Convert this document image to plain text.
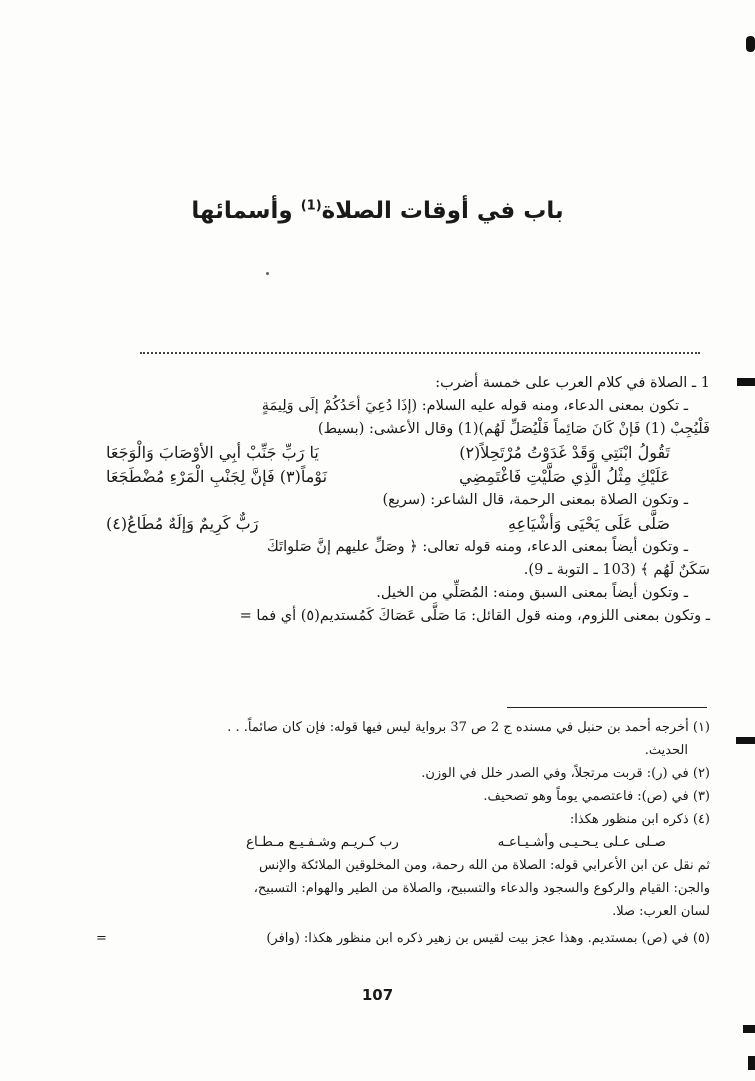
باب في أوقات الصلاة$^{(1)}$ وأسمائها

1 ـ الصلاة في كلام العرب على خمسة أضرب:

ـ تكون بمعنى الدعاء، ومنه قوله عليه السلام: (إذَا دُعِيَ أحَدُكُمْ إلَى وَلِيمَةٍ

فَلْيُجِبْ (1) فَإنْ كَانَ صَائِماً فَلْيُصَلِّ لَهُم)(1) وقال الأعشى: (بسيط)

تَقُولُ ابْنَتِي وَقَدْ غَدَوْتُ مُرْتَحِلاً(٢)
يَا رَبِّ جَنِّبْ أبِي الأوْصَابَ وَالْوَجَعَا
عَلَيْكِ مِثْلُ الَّذِي صَلَّيْتِ فَاغْتَمِضِي
نَوْماً(٣) فَإنَّ لِجَنْبِ الْمَرْءِ مُضْطَجَعَا

ـ وتكون الصلاة بمعنى الرحمة، قال الشاعر: (سريع)

صَلَّى عَلَى يَحْيَى وَأشْيَاعِهِ
رَبٌّ كَرِيمٌ وَإلَهٌ مُطَاعُ(٤)

ـ وتكون أيضاً بمعنى الدعاء، ومنه قوله تعالى: ﴿ وصَلِّ عليهم إنَّ صَلواتَكَ

سَكَنٌ لَهُم ﴾ (103 ـ التوبة ـ 9).

ـ وتكون أيضاً بمعنى السبق ومنه: المُصَلِّي من الخيل.

ـ وتكون بمعنى اللزوم، ومنه قول القائل: مَا صَلَّى عَصَاكَ كَمُستديم(٥) أي فما =

(١) أخرجه أحمد بن حنبل في مسنده ج 2 ص 37 برواية ليس فيها قوله: فإن كان صائماً. . .

الحديث.

(٢) في (ر): قربت مرتجلاً، وفي الصدر خلل في الوزن.

(٣) في (ص): فاعتصمي يوماً وهو تصحيف.

(٤) ذكره ابن منظور هكذا:

صـلى عـلى يـحـيـى وأشـيـاعـه
رب كـريـم وشـفـيـع مـطـاع

ثم نقل عن ابن الأعرابي قوله: الصلاة من الله رحمة، ومن المخلوقين الملائكة والإنس

والجن: القيام والركوع والسجود والدعاء والتسبيح، والصلاة من الطير والهوام: التسبيح،

لسان العرب: صلا.

(٥) في (ص) بمستديم. وهذا عجز بيت لقيس بن زهير ذكره ابن منظور هكذا: (وافر)
=

107
